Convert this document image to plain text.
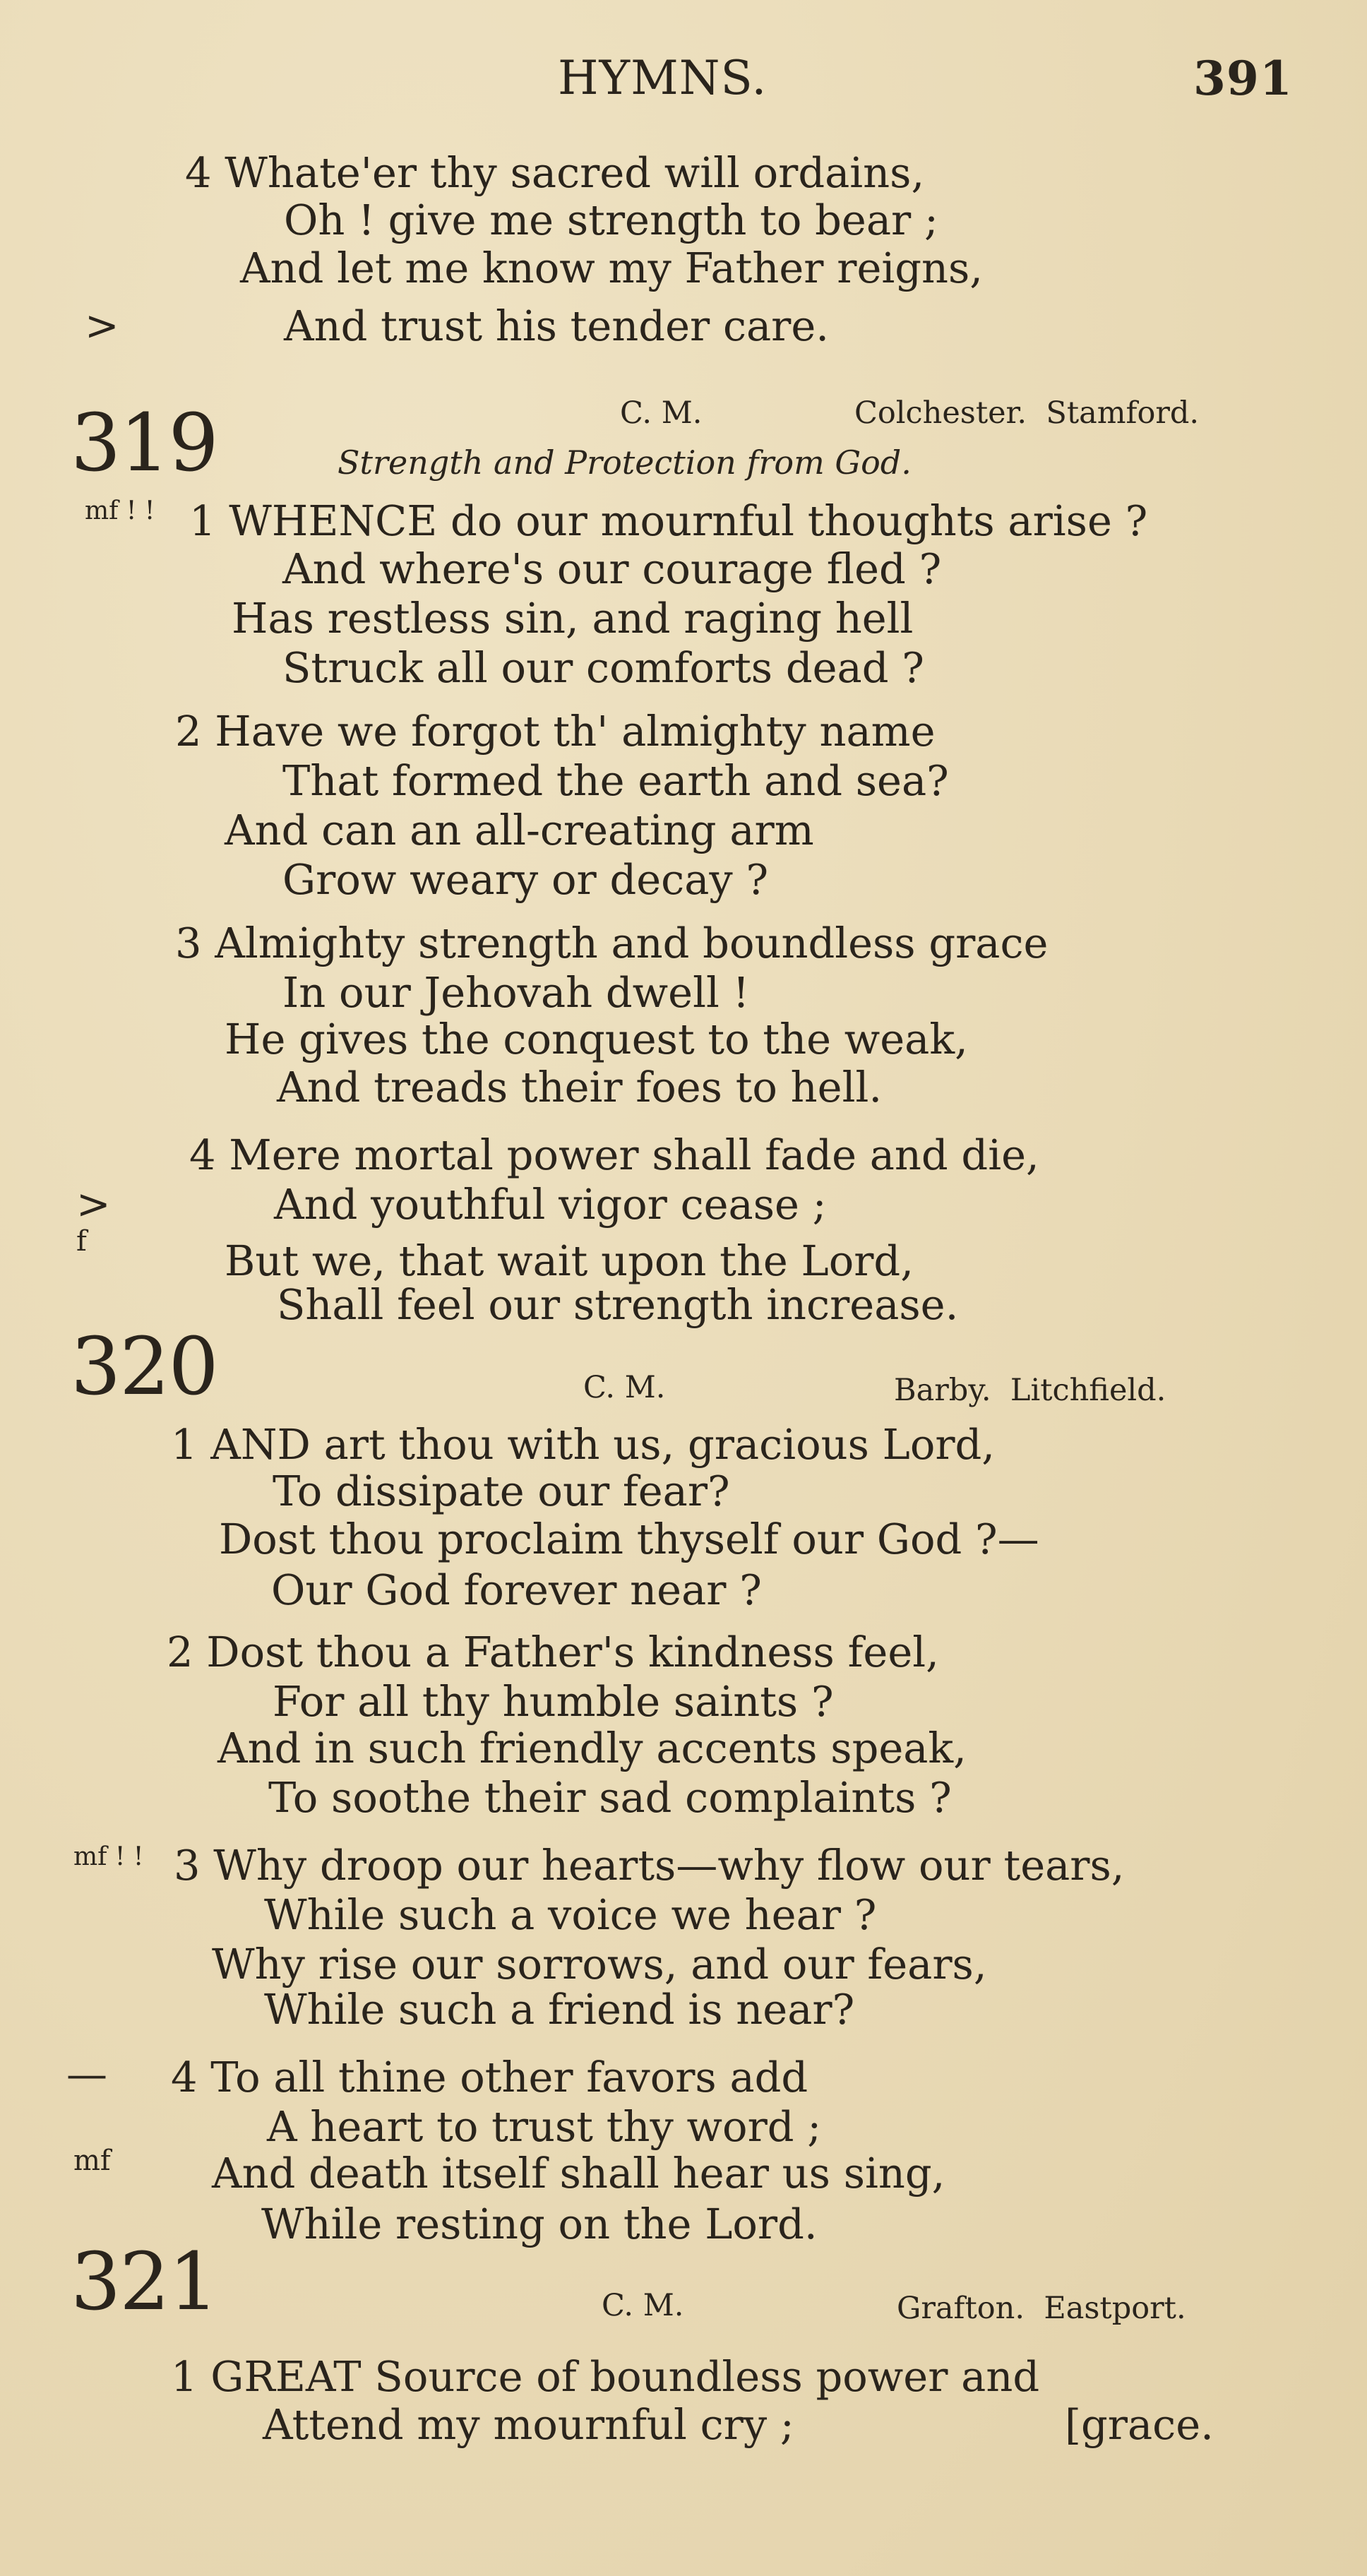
HYMNS.	391
4 Whate'er thy sacred will ordains,
Oh ! give me strength to bear ;
And let me know my Father reigns,
And trust his tender care.
>
319	C. M.	Colchester.  Stamford.
Strength and Protection from God.
mf ! ! 1 WHENCE do our mournful thoughts arise ?
And where's our courage fled ?
Has restless sin, and raging hell
Struck all our comforts dead ?
2 Have we forgot th' almighty name
That formed the earth and sea?
And can an all-creating arm
Grow weary or decay ?
3 Almighty strength and boundless grace
In our Jehovah dwell !
He gives the conquest to the weak,
And treads their foes to hell.
4 Mere mortal power shall fade and die,
>	And youthful vigor cease ;
f	But we, that wait upon the Lord,
Shall feel our strength increase.
320	C. M.	Barby.  Litchfield.
1 AND art thou with us, gracious Lord,
To dissipate our fear?
Dost thou proclaim thyself our God ?—
Our God forever near ?
2 Dost thou a Father's kindness feel,
For all thy humble saints ?
And in such friendly accents speak,
To soothe their sad complaints ?
mf ! ! 3 Why droop our hearts—why flow our tears,
While such a voice we hear ?
Why rise our sorrows, and our fears,
While such a friend is near?
— 4 To all thine other favors add
A heart to trust thy word ;
mf And death itself shall hear us sing,
While resting on the Lord.
321	C. M.	Grafton.  Eastport.
1 GREAT Source of boundless power and
Attend my mournful cry ;	[grace.
